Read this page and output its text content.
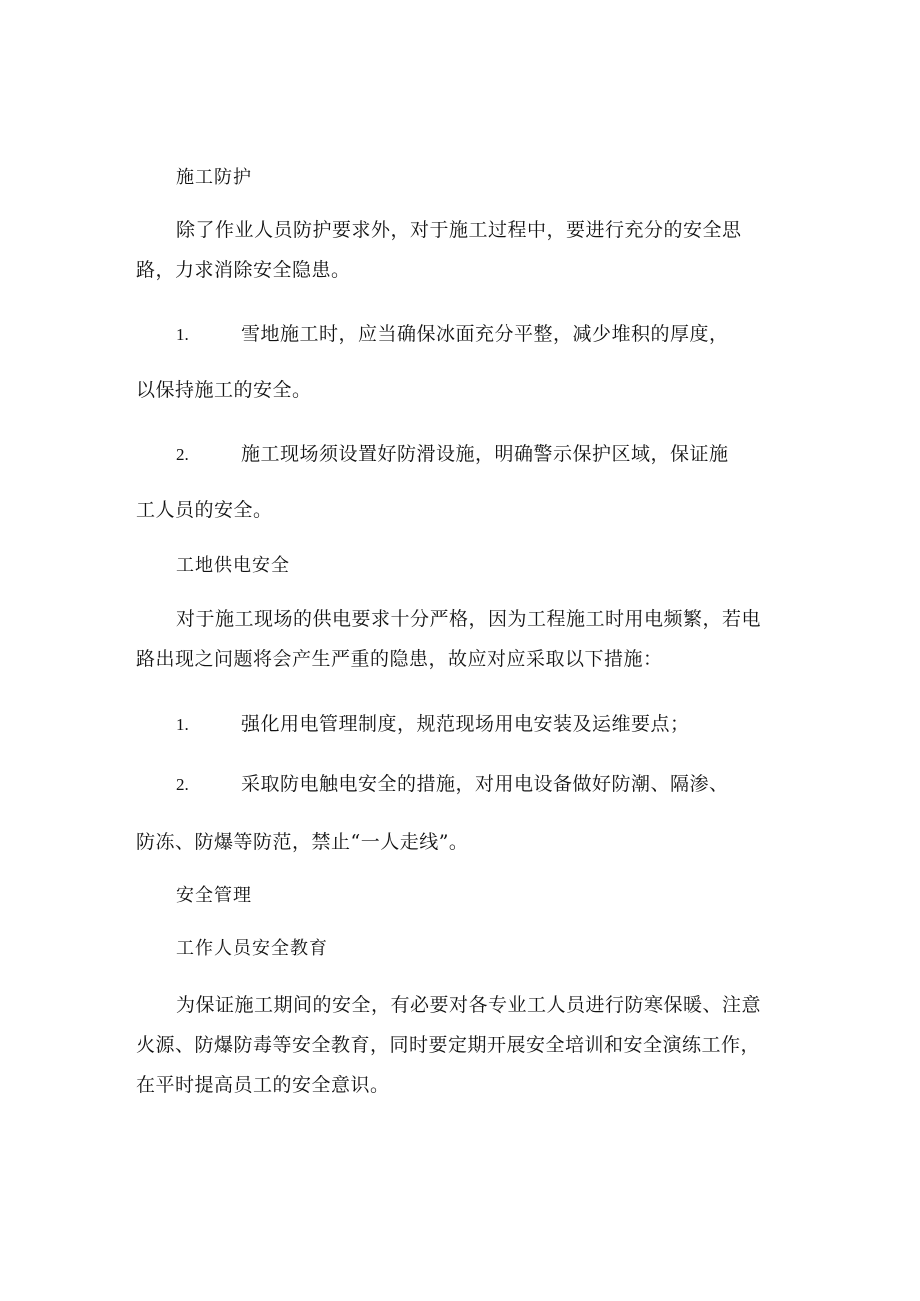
施工防护
除了作业人员防护要求外，对于施工过程中，要进行充分的安全思
路，力求消除安全隐患。
1.	雪地施工时，应当确保冰面充分平整，减少堆积的厚度，
以保持施工的安全。
2.	施工现场须设置好防滑设施，明确警示保护区域，保证施
工人员的安全。
工地供电安全
对于施工现场的供电要求十分严格，因为工程施工时用电频繁，若电
路出现之问题将会产生严重的隐患，故应对应采取以下措施：
1.	强化用电管理制度，规范现场用电安装及运维要点；
2.	采取防电触电安全的措施，对用电设备做好防潮、隔渗、
防冻、防爆等防范，禁止“一人走线”。
安全管理
工作人员安全教育
为保证施工期间的安全，有必要对各专业工人员进行防寒保暖、注意
火源、防爆防毒等安全教育，同时要定期开展安全培训和安全演练工作，
在平时提高员工的安全意识。
